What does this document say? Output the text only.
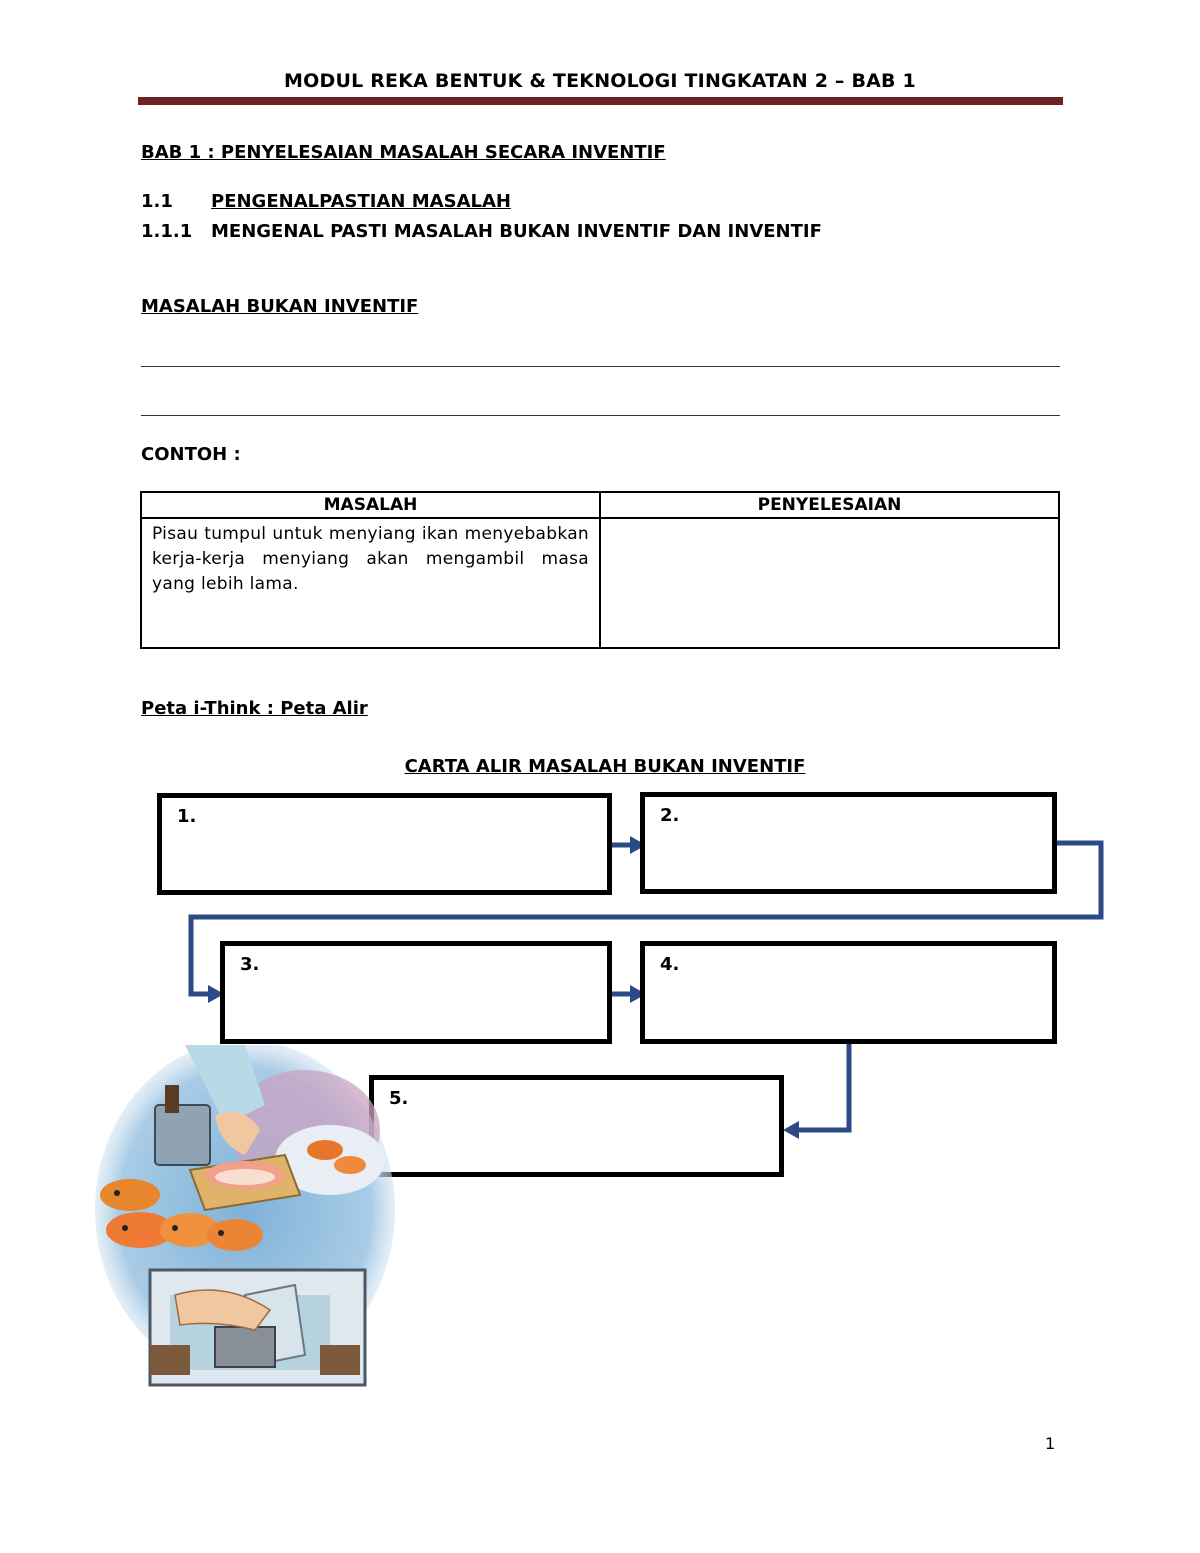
MODUL REKA BENTUK & TEKNOLOGI TINGKATAN 2 – BAB 1
BAB 1 : PENYELESAIAN MASALAH SECARA INVENTIF
1.1 PENGENALPASTIAN MASALAH
1.1.1 MENGENAL PASTI MASALAH BUKAN INVENTIF DAN INVENTIF
MASALAH BUKAN INVENTIF
CONTOH :
MASALAH	PENYELESAIAN
Pisau tumpul untuk menyiang ikan menyebabkan kerja-kerja menyiang akan mengambil masa yang lebih lama.	
Peta i-Think : Peta Alir
CARTA ALIR MASALAH BUKAN INVENTIF
1.	2.
3.	4.
5.
1
